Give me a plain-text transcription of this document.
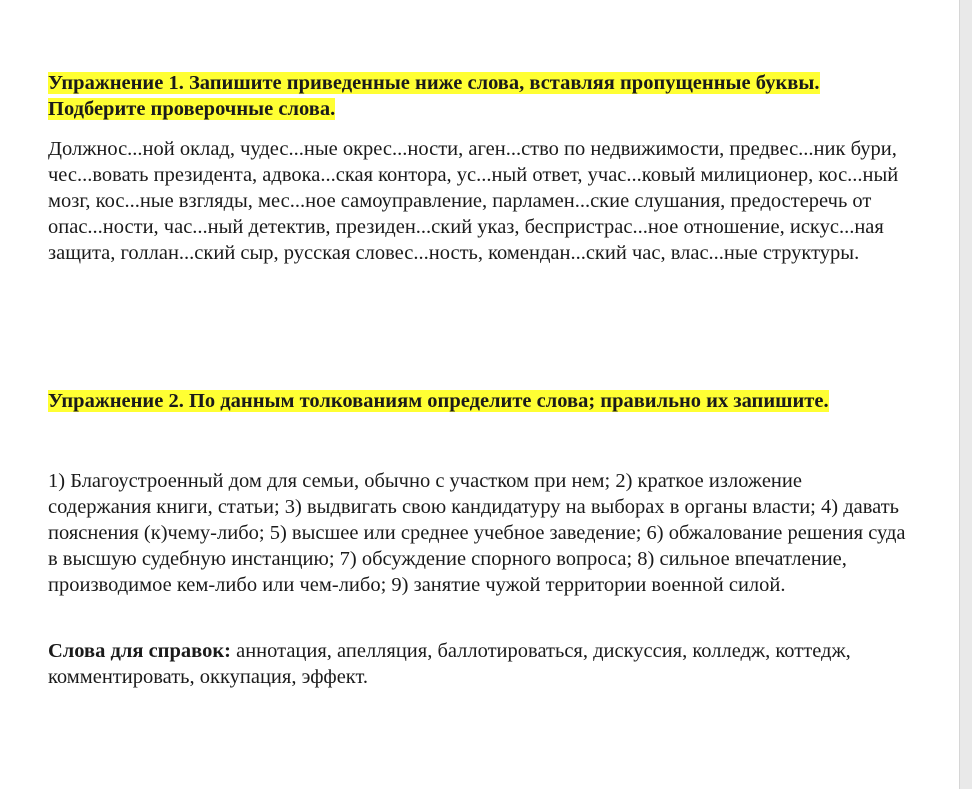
Упражнение 1. Запишите приведенные ниже слова, вставляя пропущенные буквы.
Подберите проверочные слова.

Должнос...ной оклад, чудес...ные окрес...ности, аген...ство по недвижимости, предвес...ник бури, чес...вовать президента, адвока...ская контора, ус...ный ответ, учас...ковый милиционер, кос...ный мозг, кос...ные взгляды, мес...ное самоуправление, парламен...ские слушания, предостеречь от опас...ности, час...ный детектив, президен...ский указ, беспристрас...ное отношение, искус...ная защита, голлан...ский сыр, русская словес...ность, комендан...ский час, влас...ные структуры.

Упражнение 2. По данным толкованиям определите слова; правильно их запишите.

1) Благоустроенный дом для семьи, обычно с участком при нем; 2) краткое изложение содержания книги, статьи; 3) выдвигать свою кандидатуру на выборах в органы власти; 4) давать пояснения (к)чему-либо; 5) высшее или среднее учебное заведение; 6) обжалование решения суда в высшую судебную инстанцию; 7) обсуждение спорного вопроса; 8) сильное впечатление, производимое кем-либо или чем-либо; 9) занятие чужой территории военной силой.

Слова для справок: аннотация, апелляция, баллотироваться, дискуссия, колледж, коттедж, комментировать, оккупация, эффект.
